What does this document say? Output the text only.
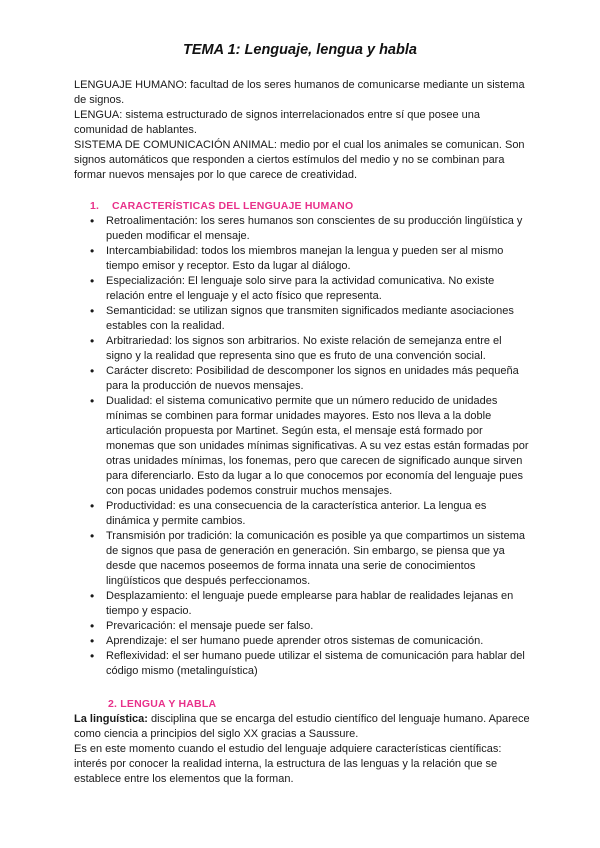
TEMA 1: Lenguaje, lengua y habla

LENGUAJE HUMANO: facultad de los seres humanos de comunicarse mediante un sistema de signos.

LENGUA: sistema estructurado de signos interrelacionados entre sí que posee una comunidad de hablantes.

SISTEMA DE COMUNICACIÓN ANIMAL: medio por el cual los animales se comunican. Son signos automáticos que responden a ciertos estímulos del medio y no se combinan para formar nuevos mensajes por lo que carece de creatividad.

1. CARACTERÍSTICAS DEL LENGUAJE HUMANO

• Retroalimentación: los seres humanos son conscientes de su producción lingüística y pueden modificar el mensaje.
• Intercambiabilidad: todos los miembros manejan la lengua y pueden ser al mismo tiempo emisor y receptor. Esto da lugar al diálogo.
• Especialización: El lenguaje solo sirve para la actividad comunicativa. No existe relación entre el lenguaje y el acto físico que representa.
• Semanticidad: se utilizan signos que transmiten significados mediante asociaciones estables con la realidad.
• Arbitrariedad: los signos son arbitrarios. No existe relación de semejanza entre el signo y la realidad que representa sino que es fruto de una convención social.
• Carácter discreto: Posibilidad de descomponer los signos en unidades más pequeña para la producción de nuevos mensajes.
• Dualidad: el sistema comunicativo permite que un número reducido de unidades mínimas se combinen para formar unidades mayores. Esto nos lleva a la doble articulación propuesta por Martinet. Según esta, el mensaje está formado por monemas que son unidades mínimas significativas. A su vez estas están formadas por otras unidades mínimas, los fonemas, pero que carecen de significado aunque sirven para diferenciarlo. Esto da lugar a lo que conocemos por economía del lenguaje pues con pocas unidades podemos construir muchos mensajes.
• Productividad: es una consecuencia de la característica anterior. La lengua es dinámica y permite cambios.
• Transmisión por tradición: la comunicación es posible ya que compartimos un sistema de signos que pasa de generación en generación. Sin embargo, se piensa que ya desde que nacemos poseemos de forma innata una serie de conocimientos lingüísticos que después perfeccionamos.
• Desplazamiento: el lenguaje puede emplearse para hablar de realidades lejanas en tiempo y espacio.
• Prevaricación: el mensaje puede ser falso.
• Aprendizaje: el ser humano puede aprender otros sistemas de comunicación.
• Reflexividad: el ser humano puede utilizar el sistema de comunicación para hablar del código mismo (metalinguística)

2. LENGUA Y HABLA

La linguística: disciplina que se encarga del estudio científico del lenguaje humano. Aparece como ciencia a principios del siglo XX gracias a Saussure.

Es en este momento cuando el estudio del lenguaje adquiere características científicas: interés por conocer la realidad interna, la estructura de las lenguas y la relación que se establece entre los elementos que la forman.
